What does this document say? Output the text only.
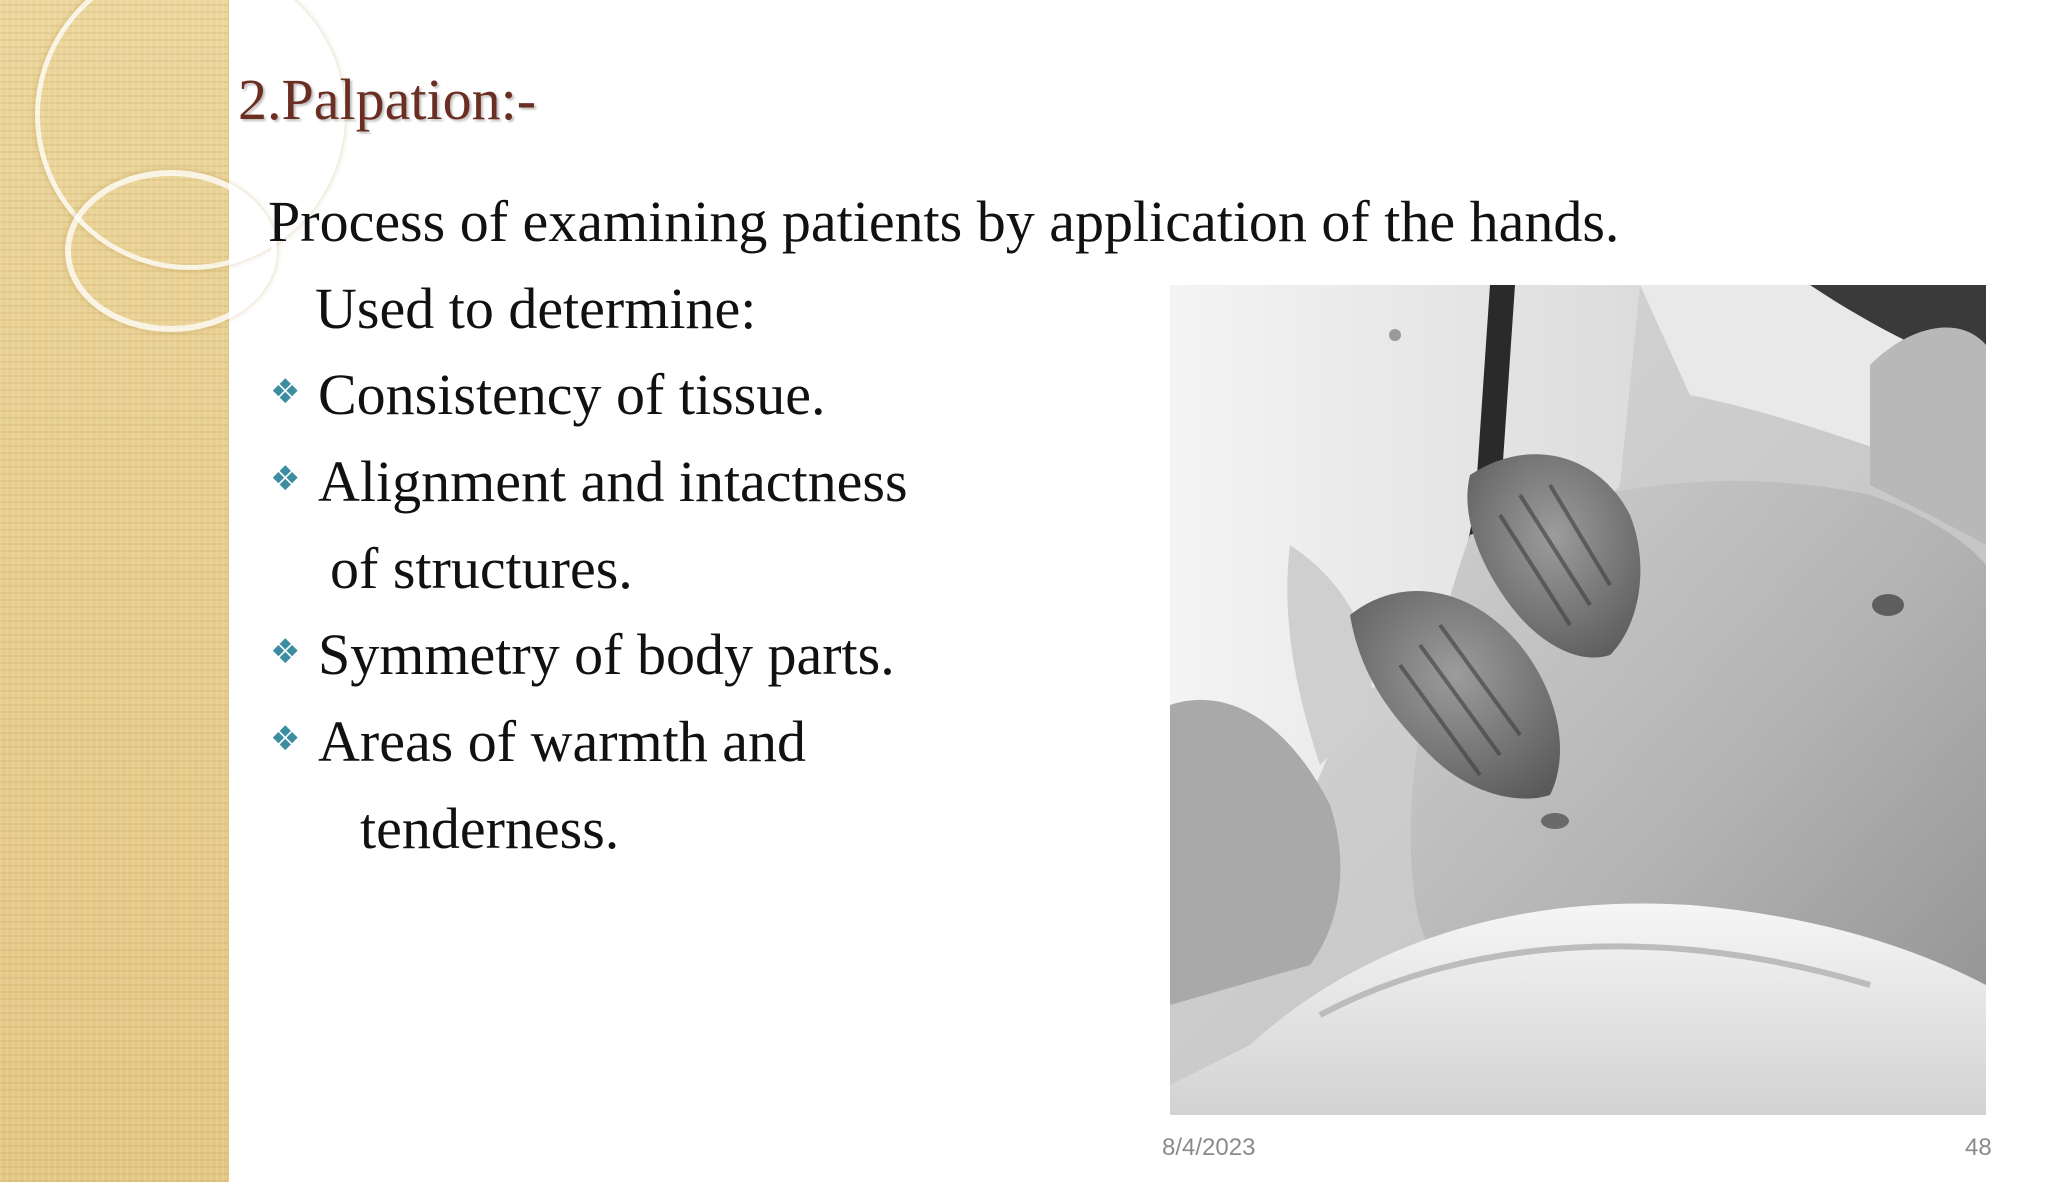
2.Palpation:-
Process of examining patients by application of the hands.
Used to determine:
❖ Consistency of tissue.
❖ Alignment and intactness
of structures.
❖ Symmetry of body parts.
❖ Areas of warmth and
tenderness.
8/4/2023	48
